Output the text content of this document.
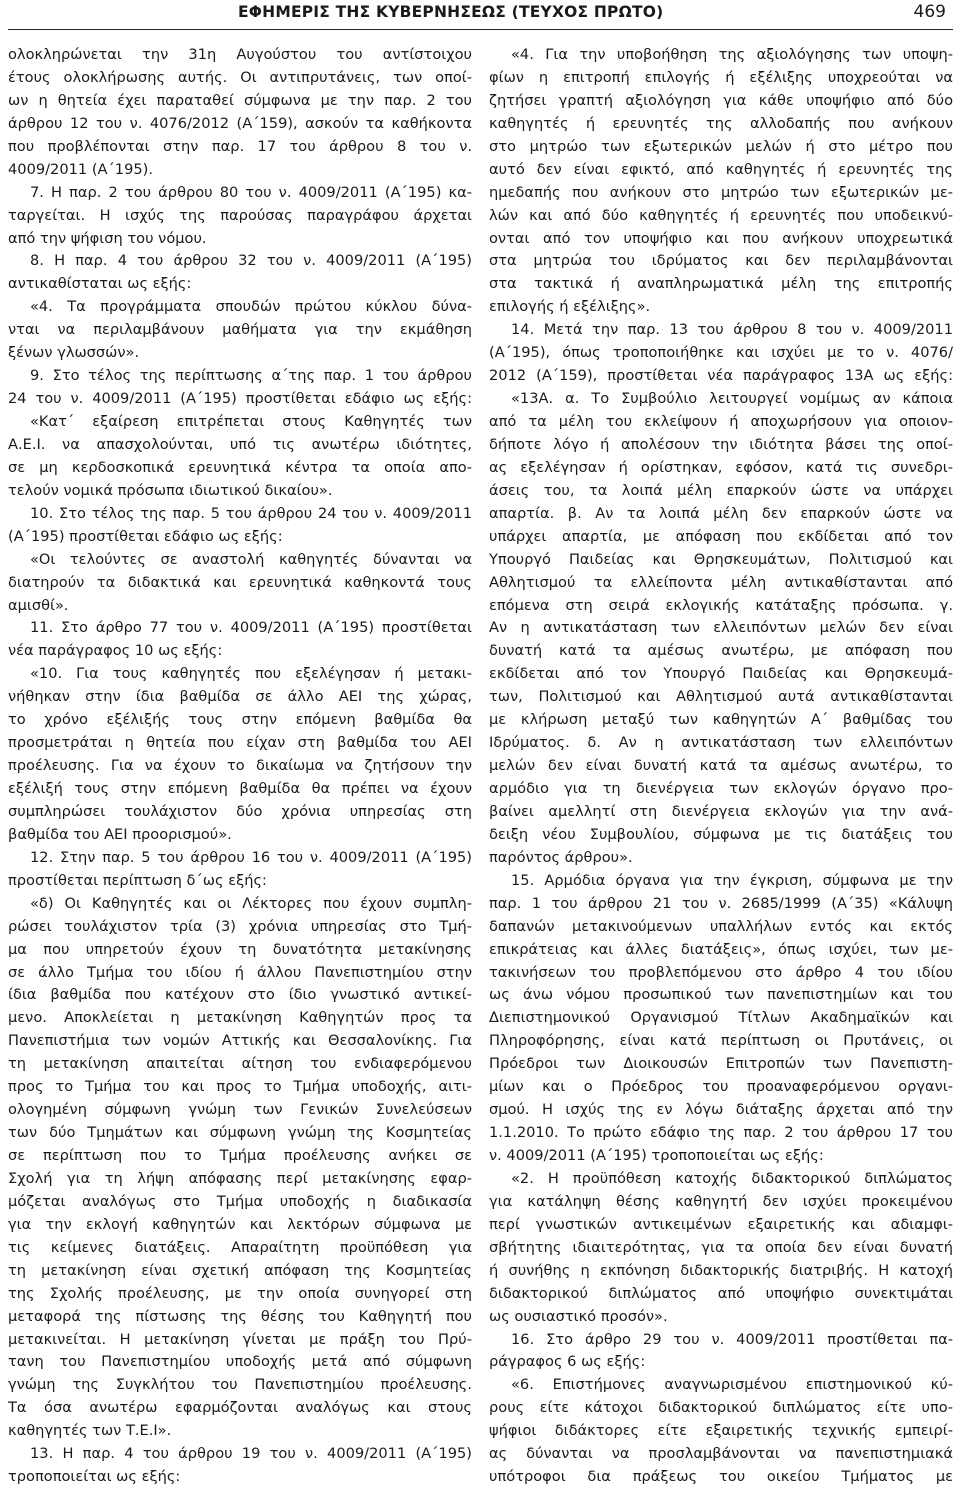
ΕΦΗΜΕΡΙΣ ΤΗΣ ΚΥΒΕΡΝΗΣΕΩΣ (ΤΕΥΧΟΣ ΠΡΩΤΟ)	469
ολοκληρώνεται την 31η Αυγούστου του αντίστοιχου
έτους ολοκλήρωσης αυτής. Οι αντιπρυτάνεις, των οποί-
ων η θητεία έχει παραταθεί σύμφωνα με την παρ. 2 του
άρθρου 12 του ν. 4076/2012 (Α΄159), ασκούν τα καθήκοντα
που προβλέπονται στην παρ. 17 του άρθρου 8 του ν.
4009/2011 (Α΄195).
7. Η παρ. 2 του άρθρου 80 του ν. 4009/2011 (Α΄195) κα-
ταργείται. Η ισχύς της παρούσας παραγράφου άρχεται
από την ψήφιση του νόμου.
8. Η παρ. 4 του άρθρου 32 του ν. 4009/2011 (Α΄195)
αντικαθίσταται ως εξής:
«4. Τα προγράμματα σπουδών πρώτου κύκλου δύνα-
νται να περιλαμβάνουν μαθήματα για την εκμάθηση
ξένων γλωσσών».
9. Στο τέλος της περίπτωσης α΄της παρ. 1 του άρθρου
24 του ν. 4009/2011 (Α΄195) προστίθεται εδάφιο ως εξής:
«Κατ΄ εξαίρεση επιτρέπεται στους Καθηγητές των
Α.Ε.Ι. να απασχολούνται, υπό τις ανωτέρω ιδιότητες,
σε μη κερδοσκοπικά ερευνητικά κέντρα τα οποία απο-
τελούν νομικά πρόσωπα ιδιωτικού δικαίου».
10. Στο τέλος της παρ. 5 του άρθρου 24 του ν. 4009/2011
(Α΄195) προστίθεται εδάφιο ως εξής:
«Οι τελούντες σε αναστολή καθηγητές δύνανται να
διατηρούν τα διδακτικά και ερευνητικά καθηκοντά τους
αμισθί».
11. Στο άρθρο 77 του ν. 4009/2011 (Α΄195) προστίθεται
νέα παράγραφος 10 ως εξής:
«10. Για τους καθηγητές που εξελέγησαν ή μετακι-
νήθηκαν στην ίδια βαθμίδα σε άλλο ΑΕΙ της χώρας,
το χρόνο εξέλιξής τους στην επόμενη βαθμίδα θα
προσμετράται η θητεία που είχαν στη βαθμίδα του ΑΕΙ
προέλευσης. Για να έχουν το δικαίωμα να ζητήσουν την
εξέλιξή τους στην επόμενη βαθμίδα θα πρέπει να έχουν
συμπληρώσει τουλάχιστον δύο χρόνια υπηρεσίας στη
βαθμίδα του ΑΕΙ προορισμού».
12. Στην παρ. 5 του άρθρου 16 του ν. 4009/2011 (Α΄195)
προστίθεται περίπτωση δ΄ως εξής:
«δ) Οι Καθηγητές και οι Λέκτορες που έχουν συμπλη-
ρώσει τουλάχιστον τρία (3) χρόνια υπηρεσίας στο Τμή-
μα που υπηρετούν έχουν τη δυνατότητα μετακίνησης
σε άλλο Τμήμα του ιδίου ή άλλου Πανεπιστημίου στην
ίδια βαθμίδα που κατέχουν στο ίδιο γνωστικό αντικεί-
μενο. Αποκλείεται η μετακίνηση Καθηγητών προς τα
Πανεπιστήμια των νομών Αττικής και Θεσσαλονίκης. Για
τη μετακίνηση απαιτείται αίτηση του ενδιαφερόμενου
προς το Τμήμα του και προς το Τμήμα υποδοχής, αιτι-
ολογημένη σύμφωνη γνώμη των Γενικών Συνελεύσεων
των δύο Τμημάτων και σύμφωνη γνώμη της Κοσμητείας
σε περίπτωση που το Τμήμα προέλευσης ανήκει σε
Σχολή για τη λήψη απόφασης περί μετακίνησης εφαρ-
μόζεται αναλόγως στο Τμήμα υποδοχής η διαδικασία
για την εκλογή καθηγητών και λεκτόρων σύμφωνα με
τις κείμενες διατάξεις. Απαραίτητη προϋπόθεση για
τη μετακίνηση είναι σχετική απόφαση της Κοσμητείας
της Σχολής προέλευσης, με την οποία συνηγορεί στη
μεταφορά της πίστωσης της θέσης του Καθηγητή που
μετακινείται. Η μετακίνηση γίνεται με πράξη του Πρύ-
τανη του Πανεπιστημίου υποδοχής μετά από σύμφωνη
γνώμη της Συγκλήτου του Πανεπιστημίου προέλευσης.
Τα όσα ανωτέρω εφαρμόζονται αναλόγως και στους
καθηγητές των Τ.Ε.Ι».
13. Η παρ. 4 του άρθρου 19 του ν. 4009/2011 (Α΄195)
τροποποιείται ως εξής:
«4. Για την υποβοήθηση της αξιολόγησης των υποψη-
φίων η επιτροπή επιλογής ή εξέλιξης υποχρεούται να
ζητήσει γραπτή αξιολόγηση για κάθε υποψήφιο από δύο
καθηγητές ή ερευνητές της αλλοδαπής που ανήκουν
στο μητρώο των εξωτερικών μελών ή στο μέτρο που
αυτό δεν είναι εφικτό, από καθηγητές ή ερευνητές της
ημεδαπής που ανήκουν στο μητρώο των εξωτερικών με-
λών και από δύο καθηγητές ή ερευνητές που υποδεικνύ-
ονται από τον υποψήφιο και που ανήκουν υποχρεωτικά
στα μητρώα του ιδρύματος και δεν περιλαμβάνονται
στα τακτικά ή αναπληρωματικά μέλη της επιτροπής
επιλογής ή εξέλιξης».
14. Μετά την παρ. 13 του άρθρου 8 του ν. 4009/2011
(Α΄195), όπως τροποποιήθηκε και ισχύει με το ν. 4076/
2012 (Α΄159), προστίθεται νέα παράγραφος 13Α ως εξής:
«13Α. α. Το Συμβούλιο λειτουργεί νομίμως αν κάποια
από τα μέλη του εκλείψουν ή αποχωρήσουν για οποιον-
δήποτε λόγο ή απολέσουν την ιδιότητα βάσει της οποί-
ας εξελέγησαν ή ορίστηκαν, εφόσον, κατά τις συνεδρι-
άσεις του, τα λοιπά μέλη επαρκούν ώστε να υπάρχει
απαρτία. β. Αν τα λοιπά μέλη δεν επαρκούν ώστε να
υπάρχει απαρτία, με απόφαση που εκδίδεται από τον
Υπουργό Παιδείας και Θρησκευμάτων, Πολιτισμού και
Αθλητισμού τα ελλείποντα μέλη αντικαθίστανται από
επόμενα στη σειρά εκλογικής κατάταξης πρόσωπα. γ.
Αν η αντικατάσταση των ελλειπόντων μελών δεν είναι
δυνατή κατά τα αμέσως ανωτέρω, με απόφαση που
εκδίδεται από τον Υπουργό Παιδείας και Θρησκευμά-
των, Πολιτισμού και Αθλητισμού αυτά αντικαθίστανται
με κλήρωση μεταξύ των καθηγητών Α΄ βαθμίδας του
Ιδρύματος. δ. Αν η αντικατάσταση των ελλειπόντων
μελών δεν είναι δυνατή κατά τα αμέσως ανωτέρω, το
αρμόδιο για τη διενέργεια των εκλογών όργανο προ-
βαίνει αμελλητί στη διενέργεια εκλογών για την ανά-
δειξη νέου Συμβουλίου, σύμφωνα με τις διατάξεις του
παρόντος άρθρου».
15. Αρμόδια όργανα για την έγκριση, σύμφωνα με την
παρ. 1 του άρθρου 21 του ν. 2685/1999 (Α΄35) «Κάλυψη
δαπανών μετακινούμενων υπαλλήλων εντός και εκτός
επικράτειας και άλλες διατάξεις», όπως ισχύει, των με-
τακινήσεων του προβλεπόμενου στο άρθρο 4 του ιδίου
ως άνω νόμου προσωπικού των πανεπιστημίων και του
Διεπιστημονικού Οργανισμού Τίτλων Ακαδημαϊκών και
Πληροφόρησης, είναι κατά περίπτωση οι Πρυτάνεις, οι
Πρόεδροι των Διοικουσών Επιτροπών των Πανεπιστη-
μίων και ο Πρόεδρος του προαναφερόμενου οργανι-
σμού. Η ισχύς της εν λόγω διάταξης άρχεται από την
1.1.2010. Το πρώτο εδάφιο της παρ. 2 του άρθρου 17 του
ν. 4009/2011 (Α΄195) τροποποιείται ως εξής:
«2. Η προϋπόθεση κατοχής διδακτορικού διπλώματος
για κατάληψη θέσης καθηγητή δεν ισχύει προκειμένου
περί γνωστικών αντικειμένων εξαιρετικής και αδιαμφι-
σβήτητης ιδιαιτερότητας, για τα οποία δεν είναι δυνατή
ή συνήθης η εκπόνηση διδακτορικής διατριβής. Η κατοχή
διδακτορικού διπλώματος από υποψήφιο συνεκτιμάται
ως ουσιαστικό προσόν».
16. Στο άρθρο 29 του ν. 4009/2011 προστίθεται πα-
ράγραφος 6 ως εξής:
«6. Επιστήμονες αναγνωρισμένου επιστημονικού κύ-
ρους είτε κάτοχοι διδακτορικού διπλώματος είτε υπο-
ψήφιοι διδάκτορες είτε εξαιρετικής τεχνικής εμπειρί-
ας δύνανται να προσλαμβάνονται να πανεπιστημιακά
υπότροφοι δια πράξεως του οικείου Τμήματος με
